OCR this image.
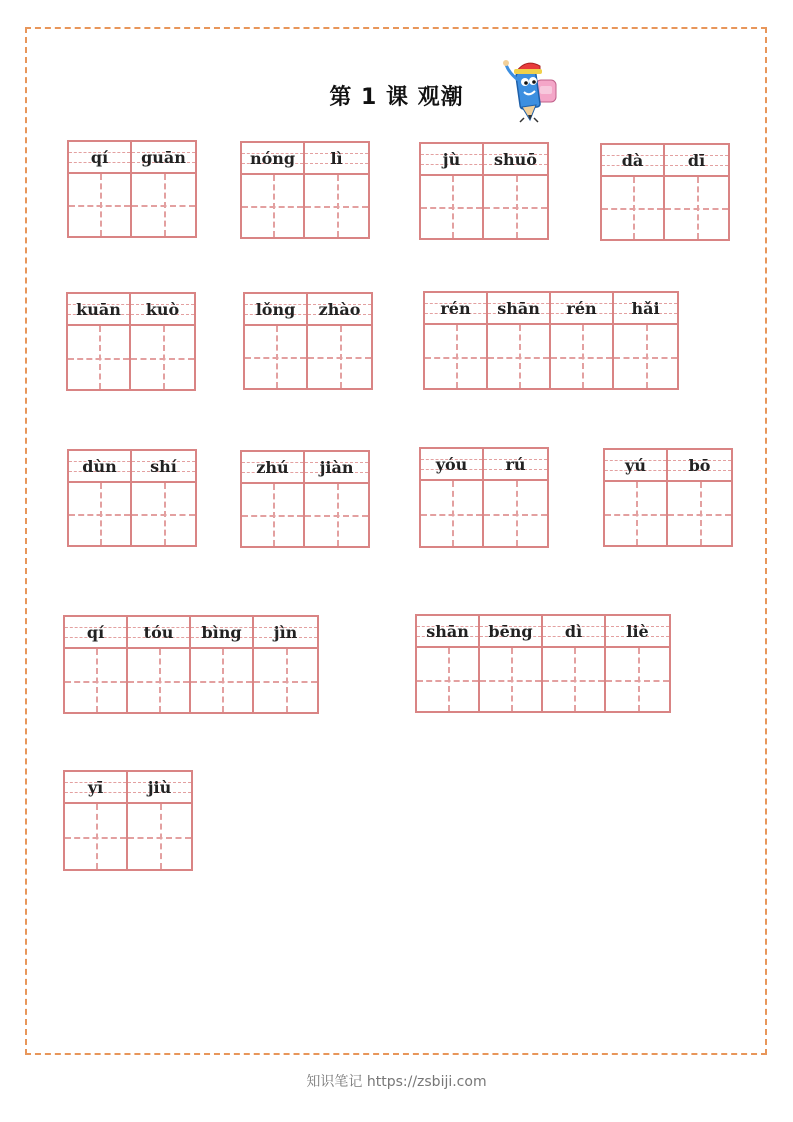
第 1 课 观潮
qí guān	nóng lì	jù shuō	dà	dī
kuān kuò	lǒng zhào	rén shān rén hǎi
dùn shí	zhú jiàn	yóu rú	yú	bō
qí tóu bìng jìn	shān bēng dì	liè
yī	jiù
知识笔记 https://zsbiji.com
